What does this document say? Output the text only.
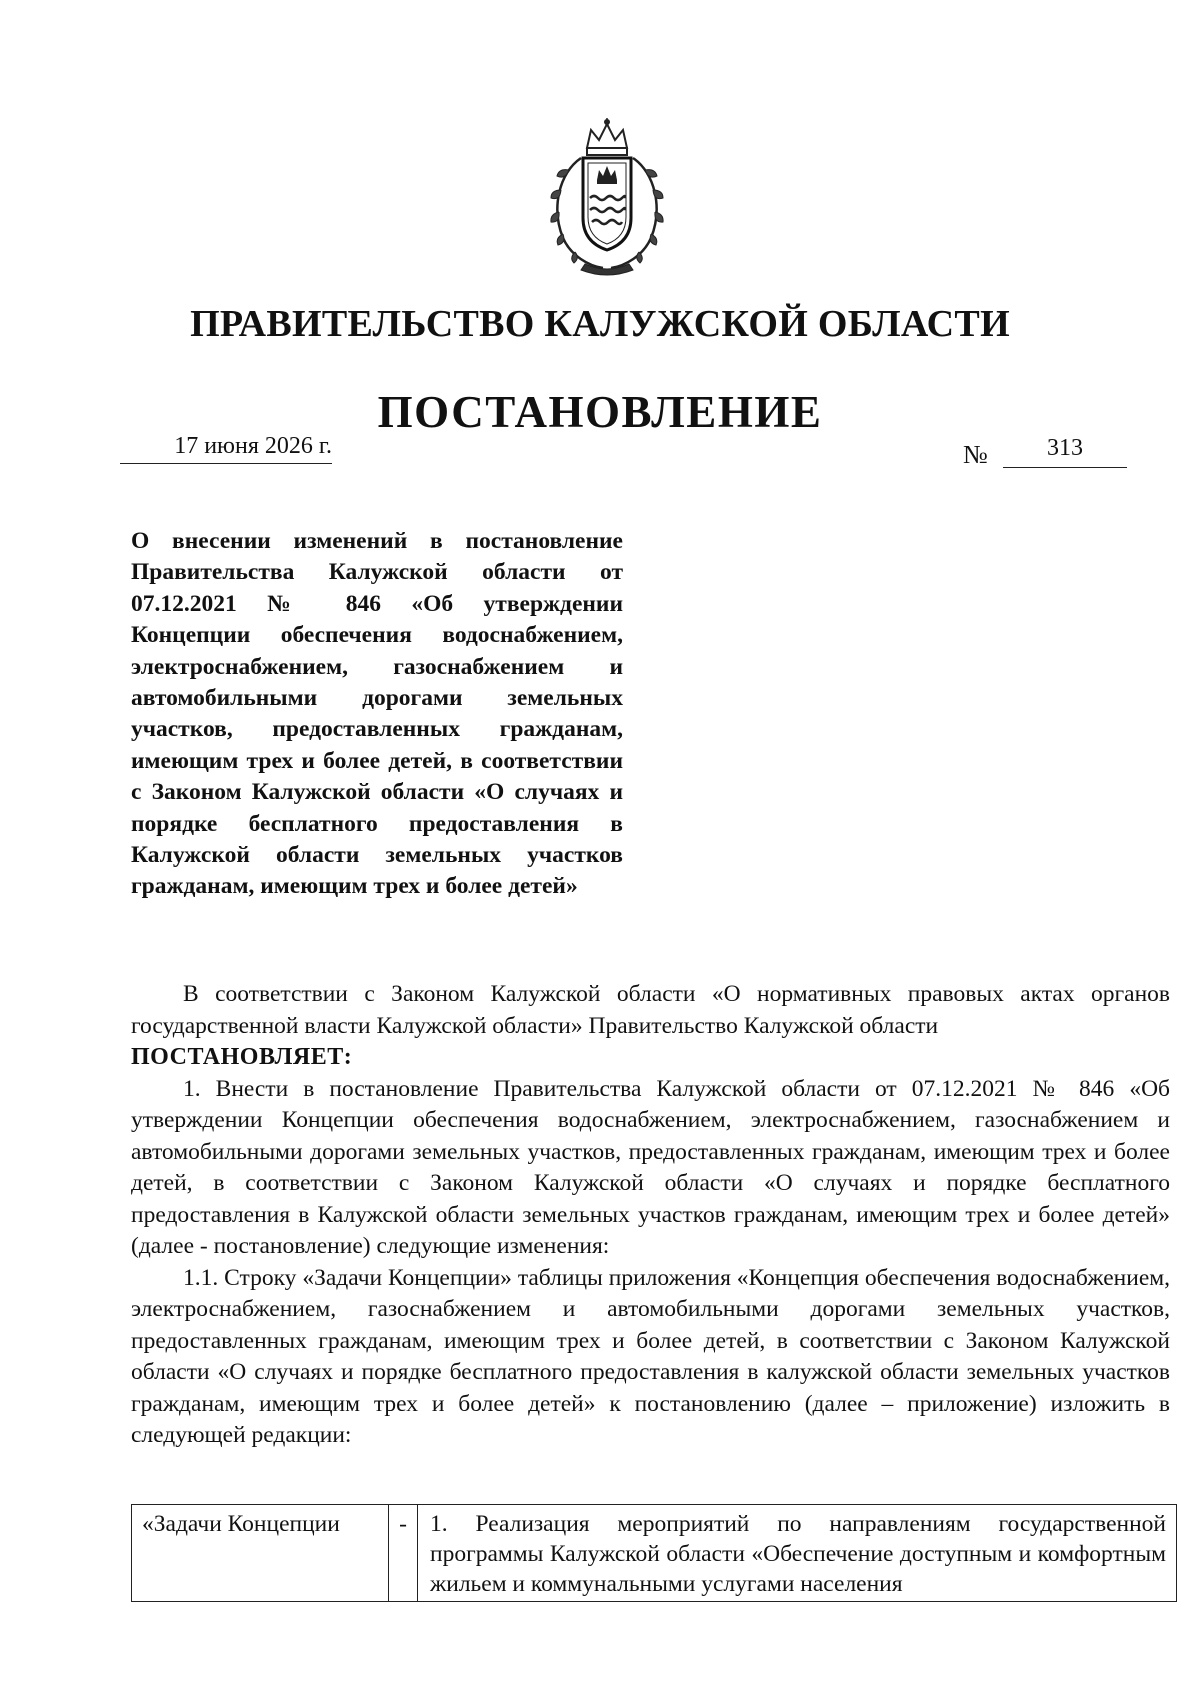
ПРАВИТЕЛЬСТВО КАЛУЖСКОЙ ОБЛАСТИ
ПОСТАНОВЛЕНИЕ
17 июня 2026 г.	№	313
О внесении изменений в постановление Правительства Калужской области от 07.12.2021 № 846 «Об утверждении Концепции обеспечения водоснабжением, электроснабжением, газоснабжением и автомобильными дорогами земельных участков, предоставленных гражданам, имеющим трех и более детей, в соответствии с Законом Калужской области «О случаях и порядке бесплатного предоставления в Калужской области земельных участков гражданам, имеющим трех и более детей»

В соответствии с Законом Калужской области «О нормативных правовых актах органов государственной власти Калужской области» Правительство Калужской области

ПОСТАНОВЛЯЕТ:

1. Внести в постановление Правительства Калужской области от 07.12.2021 № 846 «Об утверждении Концепции обеспечения водоснабжением, электроснабжением, газоснабжением и автомобильными дорогами земельных участков, предоставленных гражданам, имеющим трех и более детей, в соответствии с Законом Калужской области «О случаях и порядке бесплатного предоставления в Калужской области земельных участков гражданам, имеющим трех и более детей» (далее - постановление) следующие изменения:

1.1. Строку «Задачи Концепции» таблицы приложения «Концепция обеспечения водоснабжением, электроснабжением, газоснабжением и автомобильными дорогами земельных участков, предоставленных гражданам, имеющим трех и более детей, в соответствии с Законом Калужской области «О случаях и порядке бесплатного предоставления в калужской области земельных участков гражданам, имеющим трех и более детей» к постановлению (далее – приложение) изложить в следующей редакции:

«Задачи Концепции	-	1. Реализация мероприятий по направлениям государственной программы Калужской области «Обеспечение доступным и комфортным жильем и коммунальными услугами населения
